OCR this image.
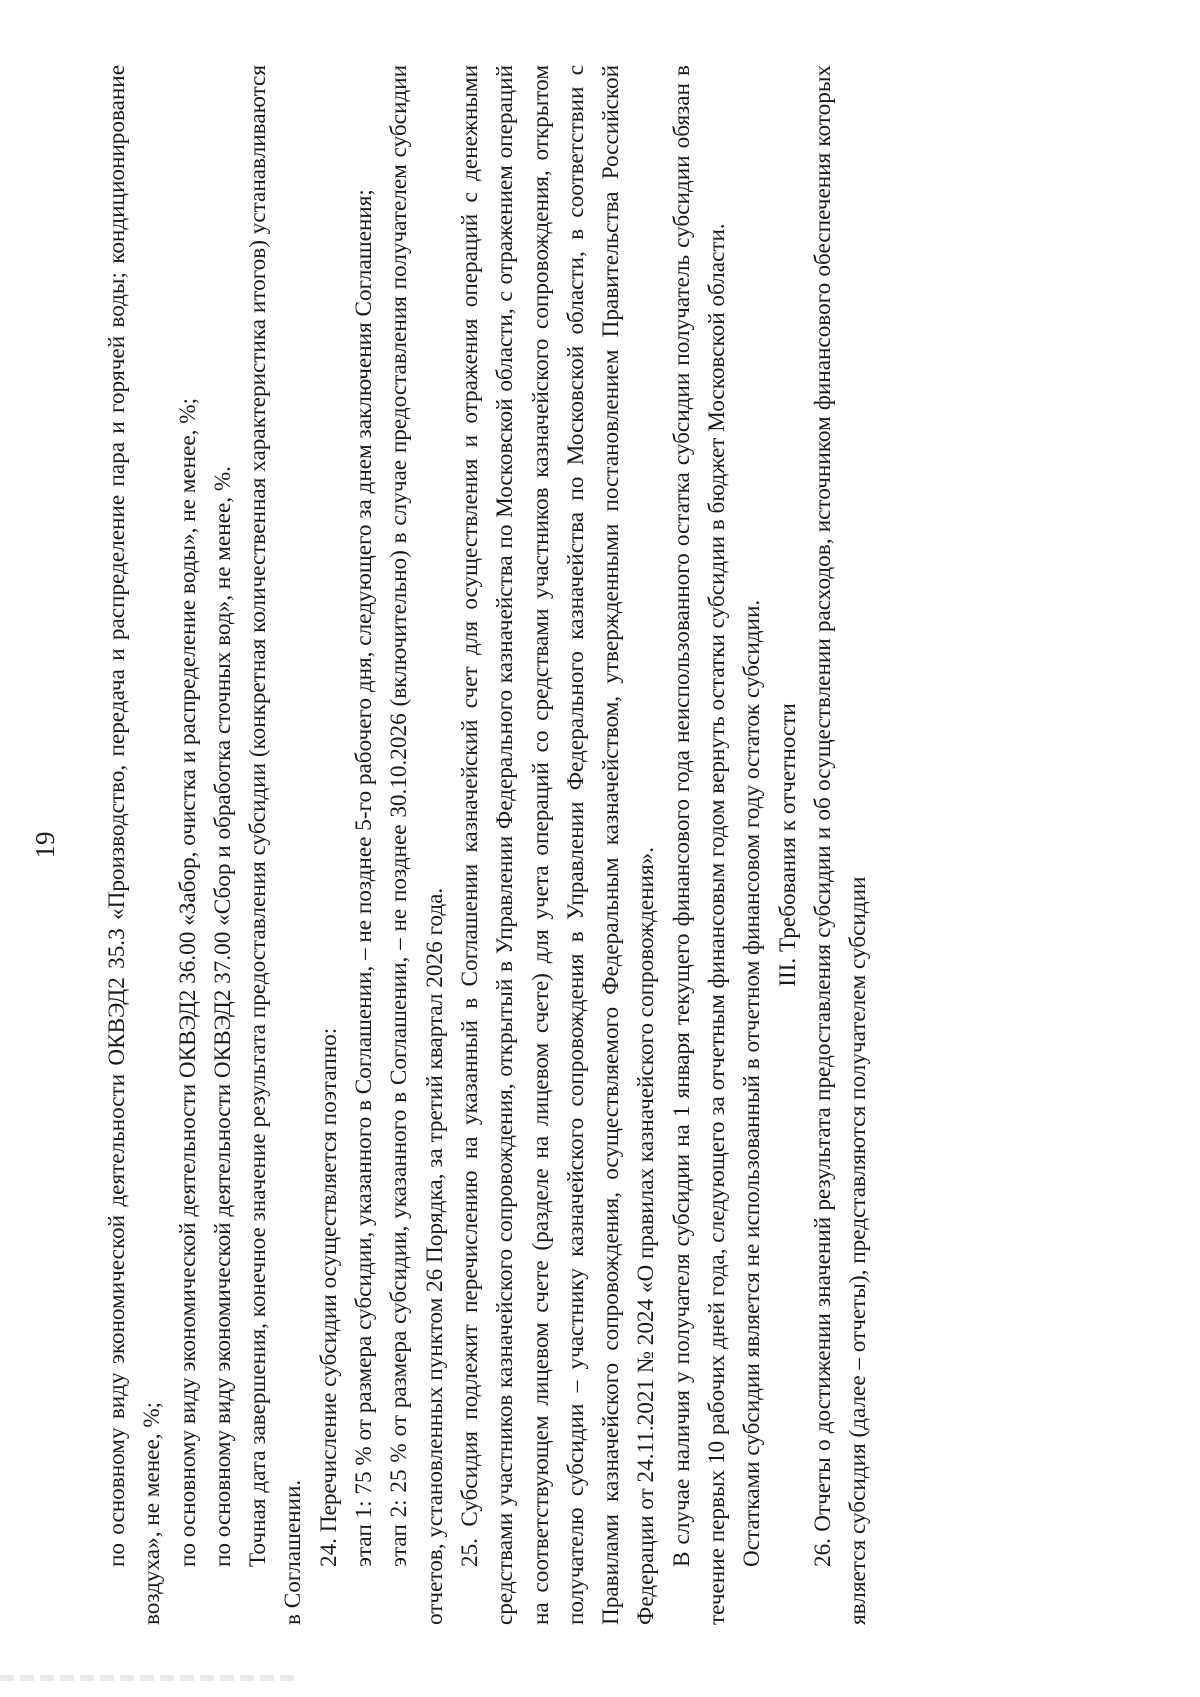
19 по основному виду экономической деятельности ОКВЭД2 35.3 «Производство, передача и распределение пара и горячей воды; кондиционирование воздуха», не менее, %; по основному виду экономической деятельности ОКВЭД2 36.00 «Забор, очистка и распределение воды», не менее, %; по основному виду экономической деятельности ОКВЭД2 37.00 «Сбор и обработка сточных вод», не менее, %. Точная дата завершения, конечное значение результата предоставления субсидии (конкретная количественная характеристика итогов) устанавливаются в Соглашении. 24. Перечисление субсидии осуществляется поэтапно: этап 1: 75 % от размера субсидии, указанного в Соглашении, – не позднее 5-го рабочего дня, следующего за днем заключения Соглашения; этап 2: 25 % от размера субсидии, указанного в Соглашении, – не позднее 30.10.2026 (включительно) в случае предоставления получателем субсидии отчетов, установленных пунктом 26 Порядка, за третий квартал 2026 года. 25. Субсидия подлежит перечислению на указанный в Соглашении казначейский счет для осуществления и отражения операций с денежными средствами участников казначейского сопровождения, открытый в Управлении Федерального казначейства по Московской области, с отражением операций на соответствующем лицевом счете (разделе на лицевом счете) для учета операций со средствами участников казначейского сопровождения, открытом получателю субсидии – участнику казначейского сопровождения в Управлении Федерального казначейства по Московской области, в соответствии с Правилами казначейского сопровождения, осуществляемого Федеральным казначейством, утвержденными постановлением Правительства Российской Федерации от 24.11.2021 № 2024 «О правилах казначейского сопровождения». В случае наличия у получателя субсидии на 1 января текущего финансового года неиспользованного остатка субсидии получатель субсидии обязан в течение первых 10 рабочих дней года, следующего за отчетным финансовым годом вернуть остатки субсидии в бюджет Московской области. Остатками субсидии является не использованный в отчетном финансовом году остаток субсидии. III. Требования к отчетности 26. Отчеты о достижении значений результата предоставления субсидии и об осуществлении расходов, источником финансового обеспечения которых является субсидия (далее – отчеты), представляются получателем субсидии
